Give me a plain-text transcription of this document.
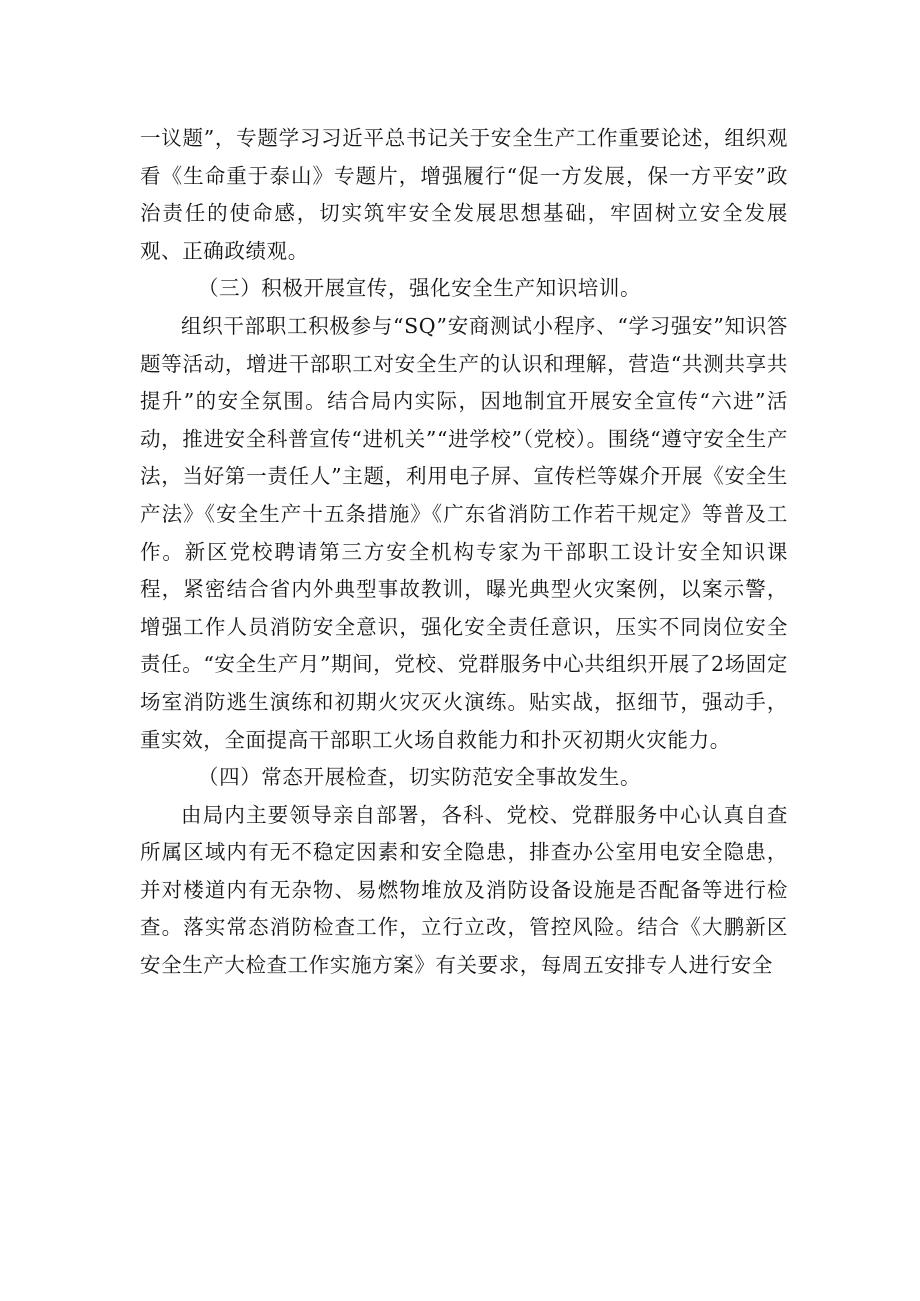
一议题”，专题学习习近平总书记关于安全生产工作重要论述，组织观看《生命重于泰山》专题片，增强履行“促一方发展，保一方平安”政治责任的使命感，切实筑牢安全发展思想基础，牢固树立安全发展观、正确政绩观。

（三）积极开展宣传，强化安全生产知识培训。

组织干部职工积极参与“SQ”安商测试小程序、“学习强安”知识答题等活动，增进干部职工对安全生产的认识和理解，营造“共测共享共提升”的安全氛围。结合局内实际，因地制宜开展安全宣传“六进”活动，推进安全科普宣传“进机关”“进学校”（党校）。围绕“遵守安全生产法，当好第一责任人”主题，利用电子屏、宣传栏等媒介开展《安全生产法》《安全生产十五条措施》《广东省消防工作若干规定》等普及工作。新区党校聘请第三方安全机构专家为干部职工设计安全知识课程，紧密结合省内外典型事故教训，曝光典型火灾案例，以案示警，增强工作人员消防安全意识，强化安全责任意识，压实不同岗位安全责任。“安全生产月”期间，党校、党群服务中心共组织开展了2场固定场室消防逃生演练和初期火灾灭火演练。贴实战，抠细节，强动手，重实效，全面提高干部职工火场自救能力和扑灭初期火灾能力。

（四）常态开展检查，切实防范安全事故发生。

由局内主要领导亲自部署，各科、党校、党群服务中心认真自查所属区域内有无不稳定因素和安全隐患，排查办公室用电安全隐患，并对楼道内有无杂物、易燃物堆放及消防设备设施是否配备等进行检查。落实常态消防检查工作，立行立改，管控风险。结合《大鹏新区安全生产大检查工作实施方案》有关要求，每周五安排专人进行安全
